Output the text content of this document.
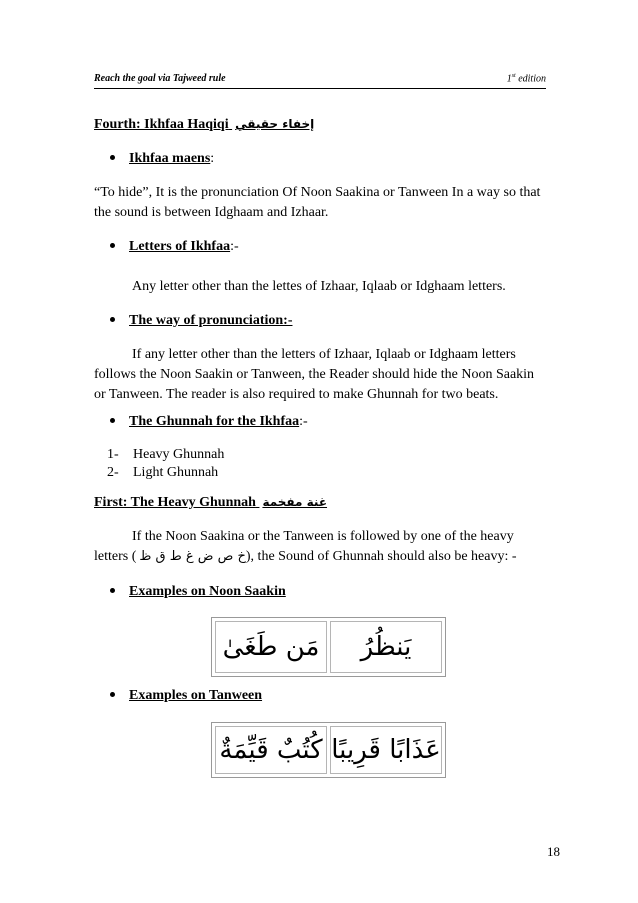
Reach the goal via Tajweed rule	1st edition
Fourth: Ikhfaa Haqiqi إخفاء حقيقي
Ikhfaa maens:
“To hide”, It is the pronunciation Of Noon Saakina or Tanween In a way so that the sound is between Idghaam and Izhaar.
Letters of Ikhfaa:-
Any letter other than the lettes of Izhaar, Iqlaab or Idghaam letters.
The way of pronunciation:-
If any letter other than the letters of Izhaar, Iqlaab or Idghaam letters follows the Noon Saakin or Tanween, the Reader should hide the Noon Saakin or Tanween. The reader is also required to make Ghunnah for two beats.
The Ghunnah for the Ikhfaa:-
1- Heavy Ghunnah
2- Light Ghunnah
First: The Heavy Ghunnah غنة مفخمة
If the Noon Saakina or the Tanween is followed by one of the heavy letters ( خ ص ض غ ط ق ظ), the Sound of Ghunnah should also be heavy: -
Examples on Noon Saakin
مَن طَغَىٰ	يَنظُرُ
Examples on Tanween
كُتُبٌ قَيِّمَةٌ عَذَابًا قَرِيبًا
18
